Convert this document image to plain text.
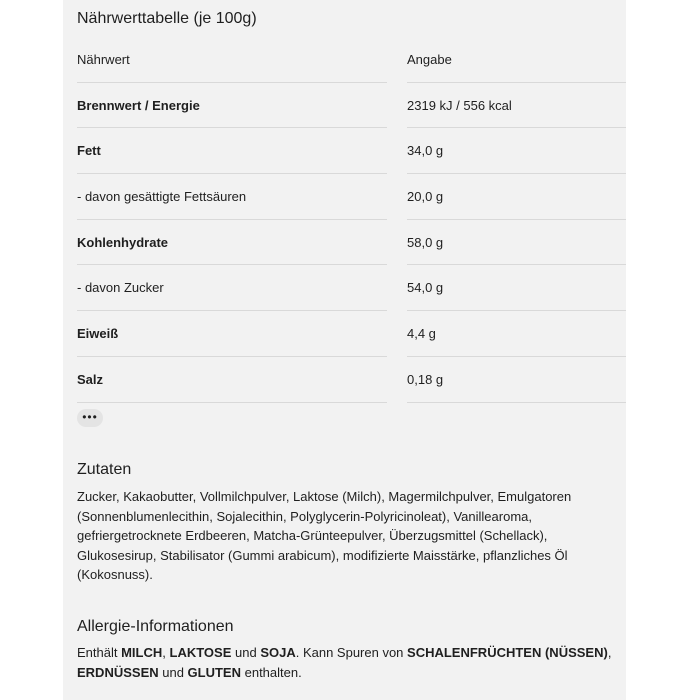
Nährwerttabelle (je 100g)
Nährwert	Angabe
Brennwert / Energie	2319 kJ / 556 kcal
Fett	34,0 g
- davon gesättigte Fettsäuren	20,0 g
Kohlenhydrate	58,0 g
- davon Zucker	54,0 g
Eiweiß	4,4 g
Salz	0,18 g
•••
Zutaten
Zucker, Kakaobutter, Vollmilchpulver, Laktose (Milch), Magermilchpulver, Emulgatoren (Sonnenblumenlecithin, Sojalecithin, Polyglycerin-Polyricinoleat), Vanillearoma, gefriergetrocknete Erdbeeren, Matcha-Grünteepulver, Überzugsmittel (Schellack), Glukosesirup, Stabilisator (Gummi arabicum), modifizierte Maisstärke, pflanzliches Öl (Kokosnuss).
Allergie-Informationen
Enthält MILCH, LAKTOSE und SOJA. Kann Spuren von SCHALENFRÜCHTEN (NÜSSEN), ERDNÜSSEN und GLUTEN enthalten.
